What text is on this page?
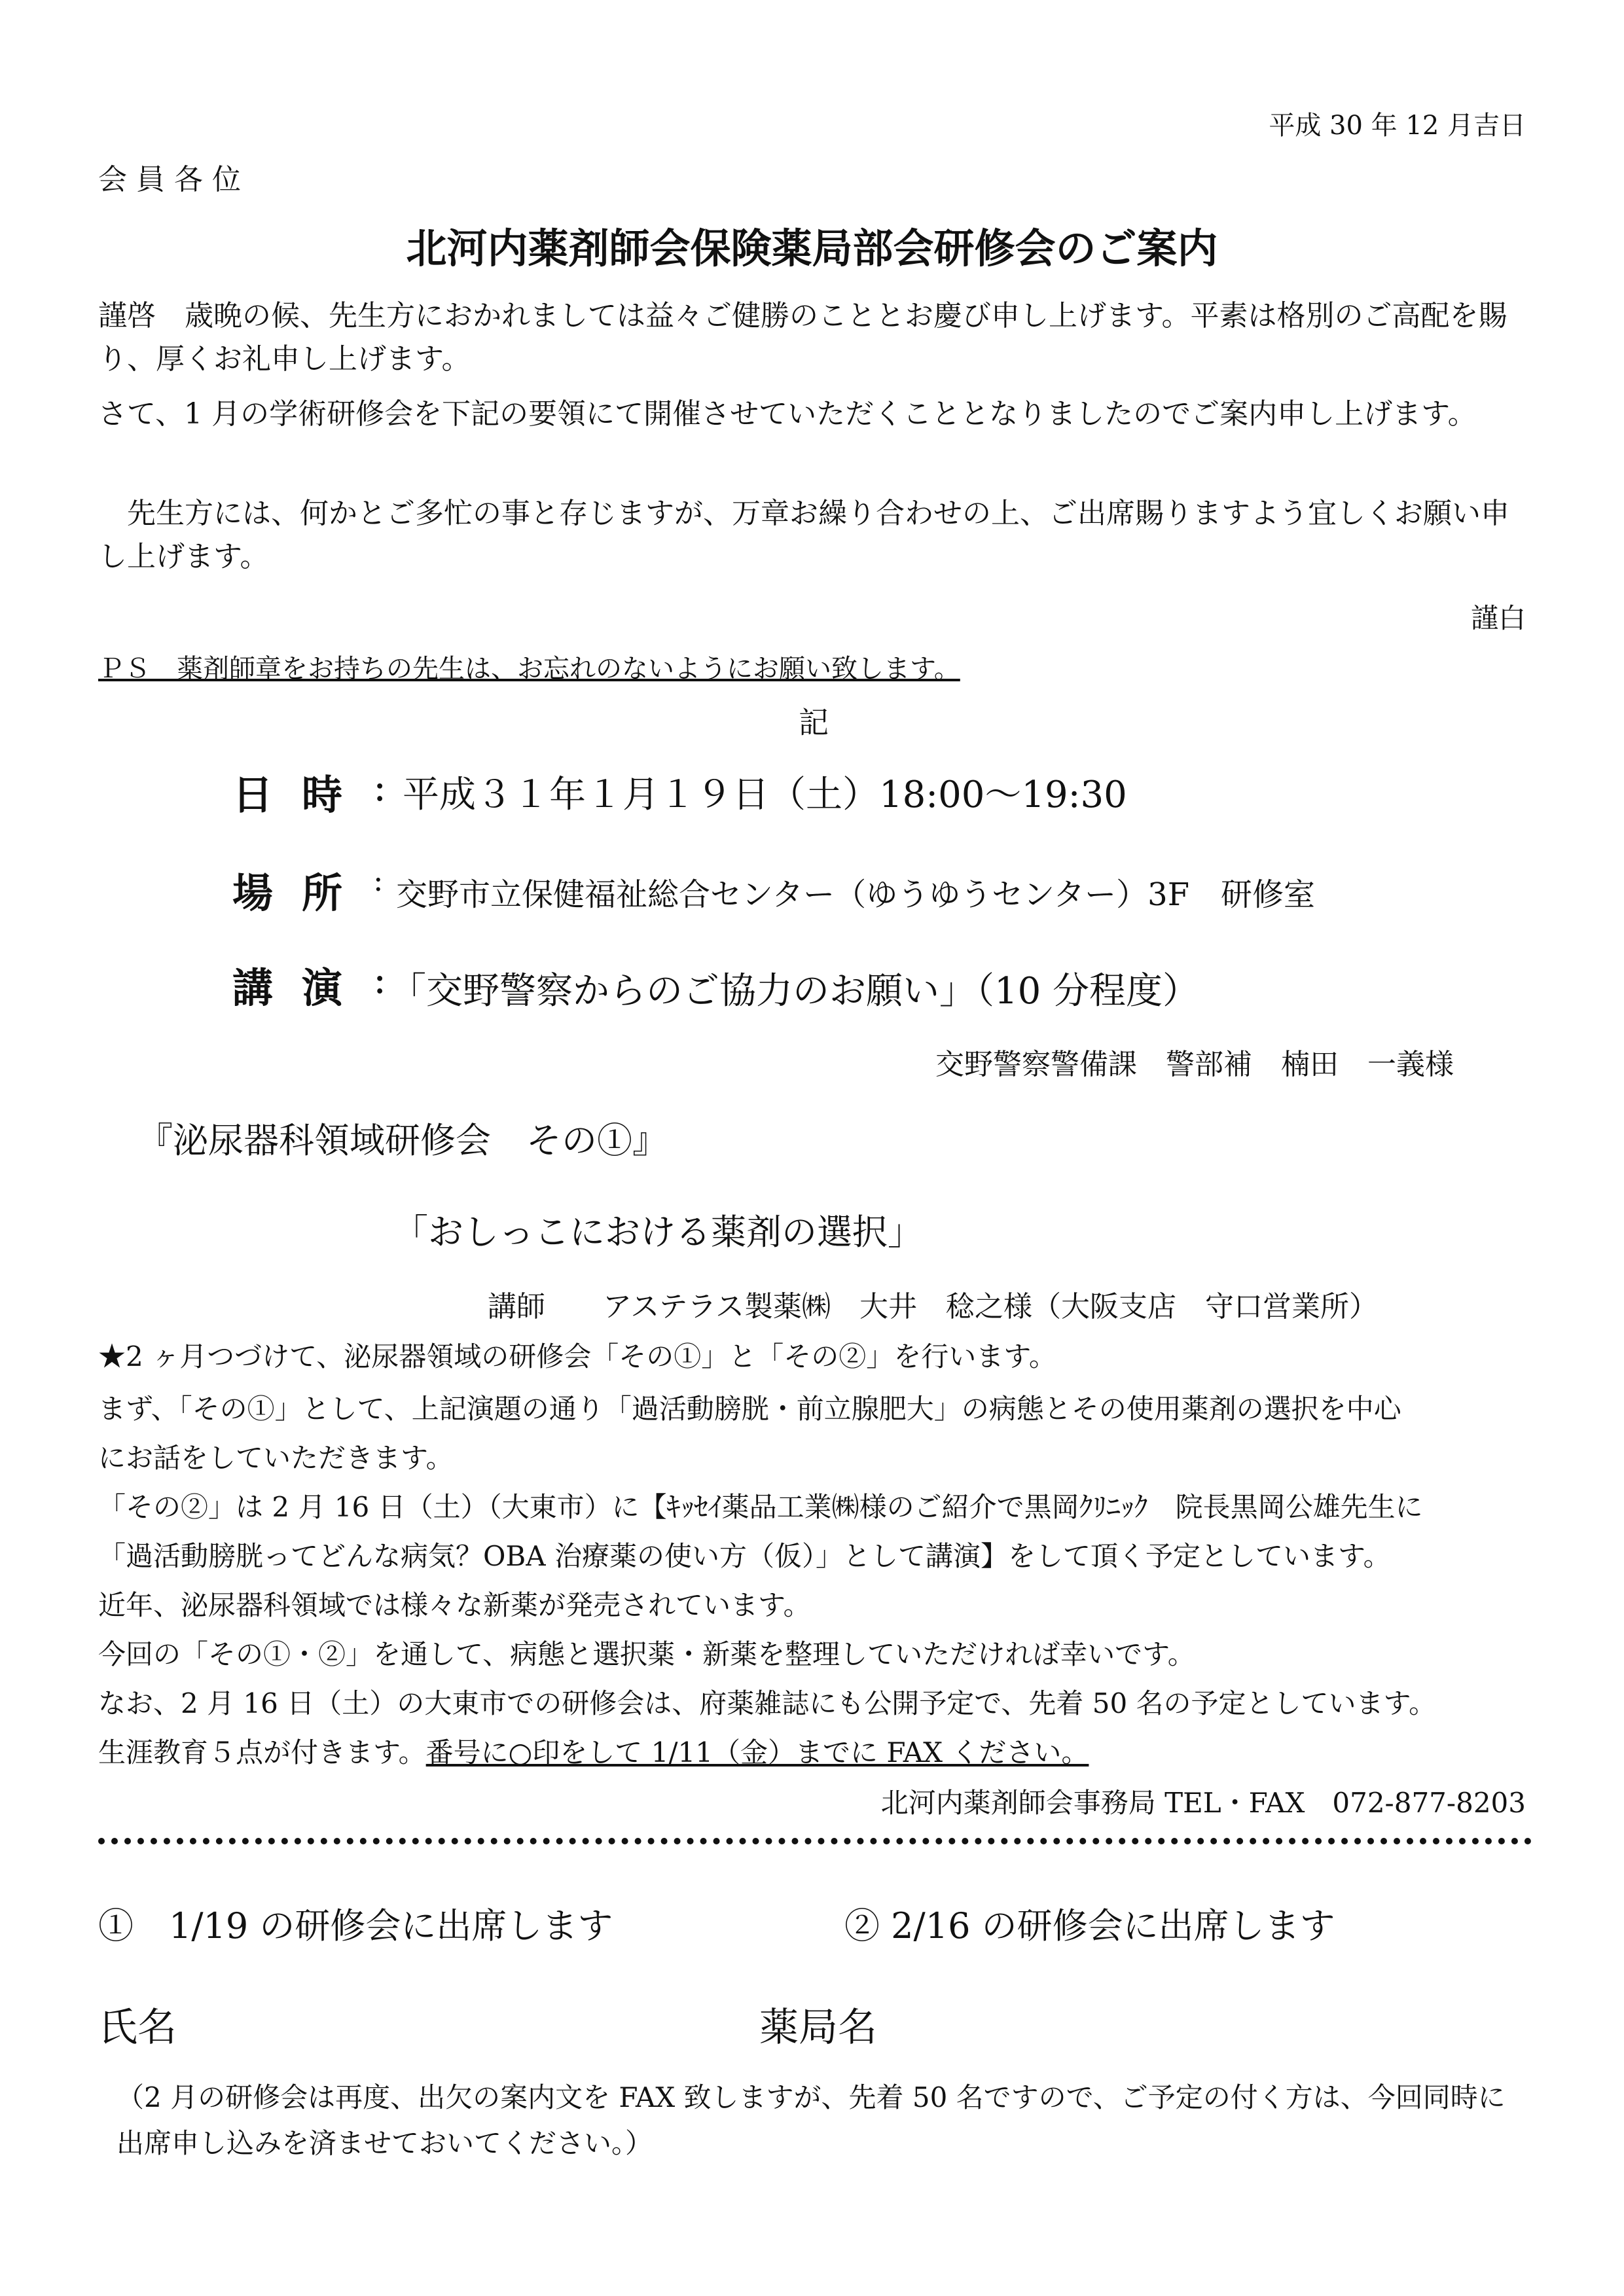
平成 30 年 12 月吉日
会員各位
北河内薬剤師会保険薬局部会研修会のご案内
謹啓　歳晩の候、先生方におかれましては益々ご健勝のこととお慶び申し上げます。平素は格別のご高配を賜り、厚くお礼申し上げます。
さて、1 月の学術研修会を下記の要領にて開催させていただくこととなりましたのでご案内申し上げます。
　先生方には、何かとご多忙の事と存じますが、万章お繰り合わせの上、ご出席賜りますよう宜しくお願い申し上げます。
謹白
ＰＳ　薬剤師章をお持ちの先生は、お忘れのないようにお願い致します。
記
日時 : 平成３１年１月１９日（土）18:00〜19:30
場所 : 交野市立保健福祉総合センター（ゆうゆうセンター）3F　研修室
講演 : 「交野警察からのご協力のお願い」（10 分程度）
交野警察警備課　警部補　楠田　一義様
『泌尿器科領域研修会　その①』
「おしっこにおける薬剤の選択」
講師　　アステラス製薬㈱　大井　稔之様（大阪支店　守口営業所）
★2 ヶ月つづけて、泌尿器領域の研修会「その①」と「その②」を行います。
まず、「その①」として、上記演題の通り「過活動膀胱・前立腺肥大」の病態とその使用薬剤の選択を中心
にお話をしていただきます。
「その②」は 2 月 16 日（土）（大東市）に【ｷｯｾｲ薬品工業㈱様のご紹介で黒岡ｸﾘﾆｯｸ　院長黒岡公雄先生に
「過活動膀胱ってどんな病気？OBA 治療薬の使い方（仮）」として講演】をして頂く予定としています。
近年、泌尿器科領域では様々な新薬が発売されています。
今回の「その①・②」を通して、病態と選択薬・新薬を整理していただければ幸いです。
なお、2 月 16 日（土）の大東市での研修会は、府薬雑誌にも公開予定で、先着 50 名の予定としています。
生涯教育５点が付きます。番号に○印をして 1/11（金）までに FAX ください。
北河内薬剤師会事務局 TEL・FAX　072-877-8203
①　1/19 の研修会に出席します	② 2/16 の研修会に出席します
氏名	薬局名
（2 月の研修会は再度、出欠の案内文を FAX 致しますが、先着 50 名ですので、ご予定の付く方は、今回同時に出席申し込みを済ませておいてください。）
